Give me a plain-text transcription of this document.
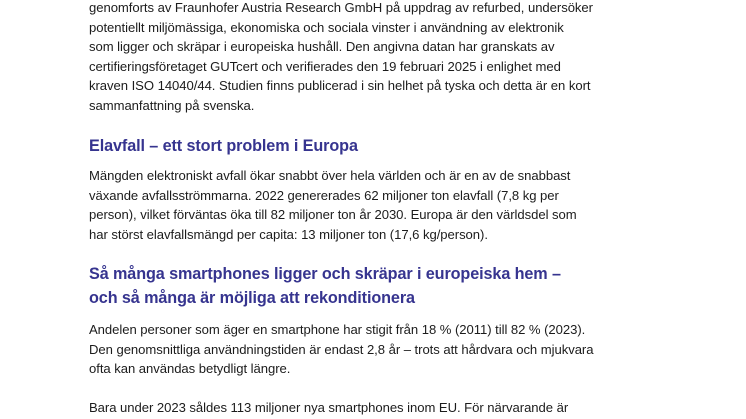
genomforts av Fraunhofer Austria Research GmbH på uppdrag av refurbed, undersöker
potentiellt miljömässiga, ekonomiska och sociala vinster i användning av elektronik
som ligger och skräpar i europeiska hushåll. Den angivna datan har granskats av
certifieringsföretaget GUTcert och verifierades den 19 februari 2025 i enlighet med
kraven ISO 14040/44. Studien finns publicerad i sin helhet på tyska och detta är en kort
sammanfattning på svenska.

Elavfall – ett stort problem i Europa

Mängden elektroniskt avfall ökar snabbt över hela världen och är en av de snabbast
växande avfallsströmmarna. 2022 genererades 62 miljoner ton elavfall (7,8 kg per
person), vilket förväntas öka till 82 miljoner ton år 2030. Europa är den världsdel som
har störst elavfallsmängd per capita: 13 miljoner ton (17,6 kg/person).

Så många smartphones ligger och skräpar i europeiska hem –
och så många är möjliga att rekonditionera

Andelen personer som äger en smartphone har stigit från 18 % (2011) till 82 % (2023).
Den genomsnittliga användningstiden är endast 2,8 år – trots att hårdvara och mjukvara
ofta kan användas betydligt längre.

Bara under 2023 såldes 113 miljoner nya smartphones inom EU. För närvarande är
